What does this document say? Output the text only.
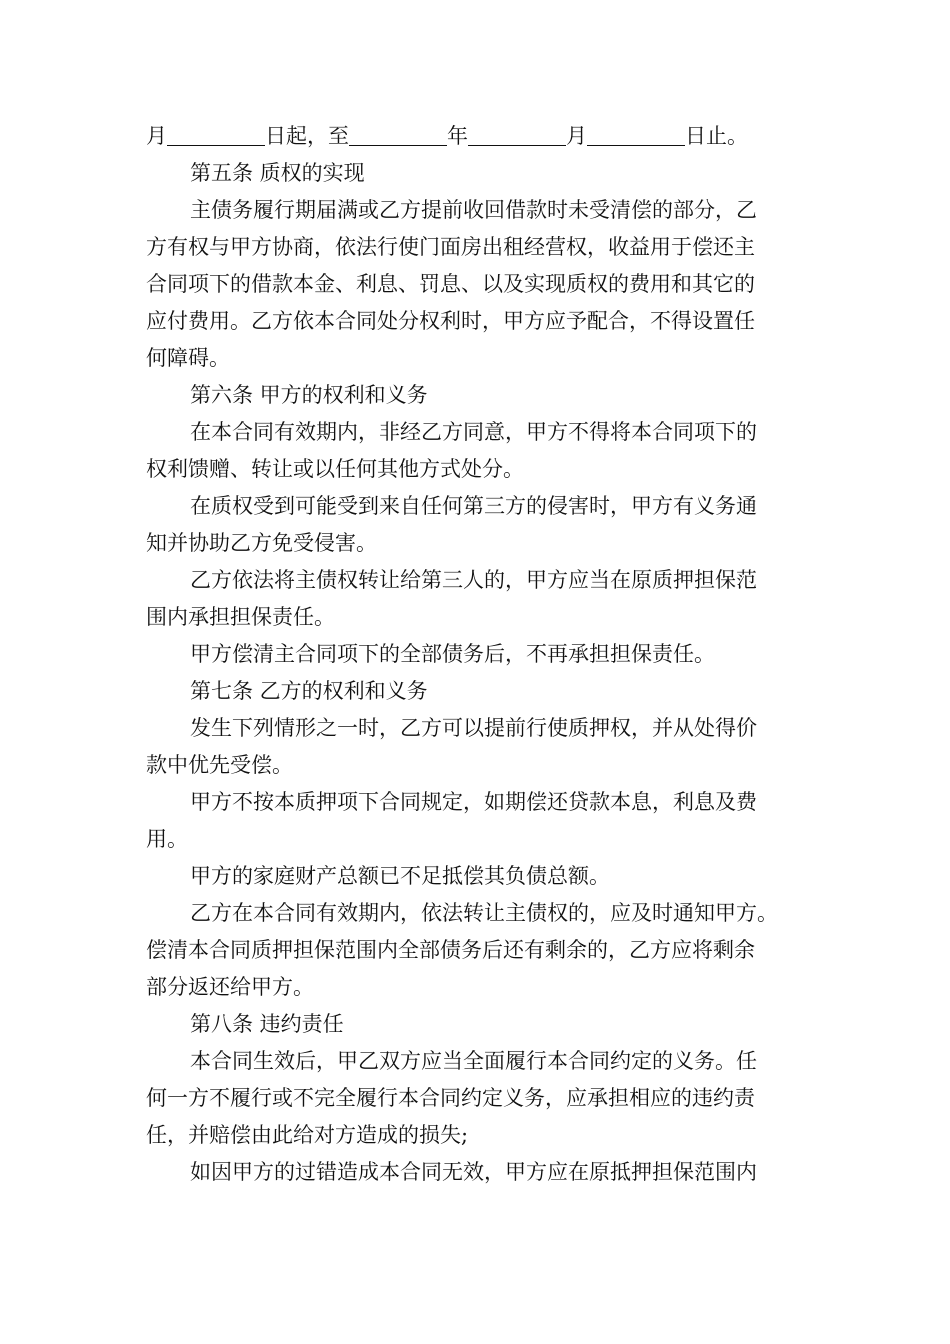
月	日起，至	年	月	日止。
第五条 质权的实现
主债务履行期届满或乙方提前收回借款时未受清偿的部分，乙
方有权与甲方协商，依法行使门面房出租经营权，收益用于偿还主
合同项下的借款本金、利息、罚息、以及实现质权的费用和其它的
应付费用。乙方依本合同处分权利时，甲方应予配合，不得设置任
何障碍。
第六条 甲方的权利和义务
在本合同有效期内，非经乙方同意，甲方不得将本合同项下的
权利馈赠、转让或以任何其他方式处分。
在质权受到可能受到来自任何第三方的侵害时，甲方有义务通
知并协助乙方免受侵害。
乙方依法将主债权转让给第三人的，甲方应当在原质押担保范
围内承担担保责任。
甲方偿清主合同项下的全部债务后，不再承担担保责任。
第七条 乙方的权利和义务
发生下列情形之一时，乙方可以提前行使质押权，并从处得价
款中优先受偿。
甲方不按本质押项下合同规定，如期偿还贷款本息，利息及费
用。
甲方的家庭财产总额已不足抵偿其负债总额。
乙方在本合同有效期内，依法转让主债权的，应及时通知甲方。
偿清本合同质押担保范围内全部债务后还有剩余的，乙方应将剩余
部分返还给甲方。
第八条 违约责任
本合同生效后，甲乙双方应当全面履行本合同约定的义务。任
何一方不履行或不完全履行本合同约定义务，应承担相应的违约责
任，并赔偿由此给对方造成的损失;
如因甲方的过错造成本合同无效，甲方应在原抵押担保范围内
